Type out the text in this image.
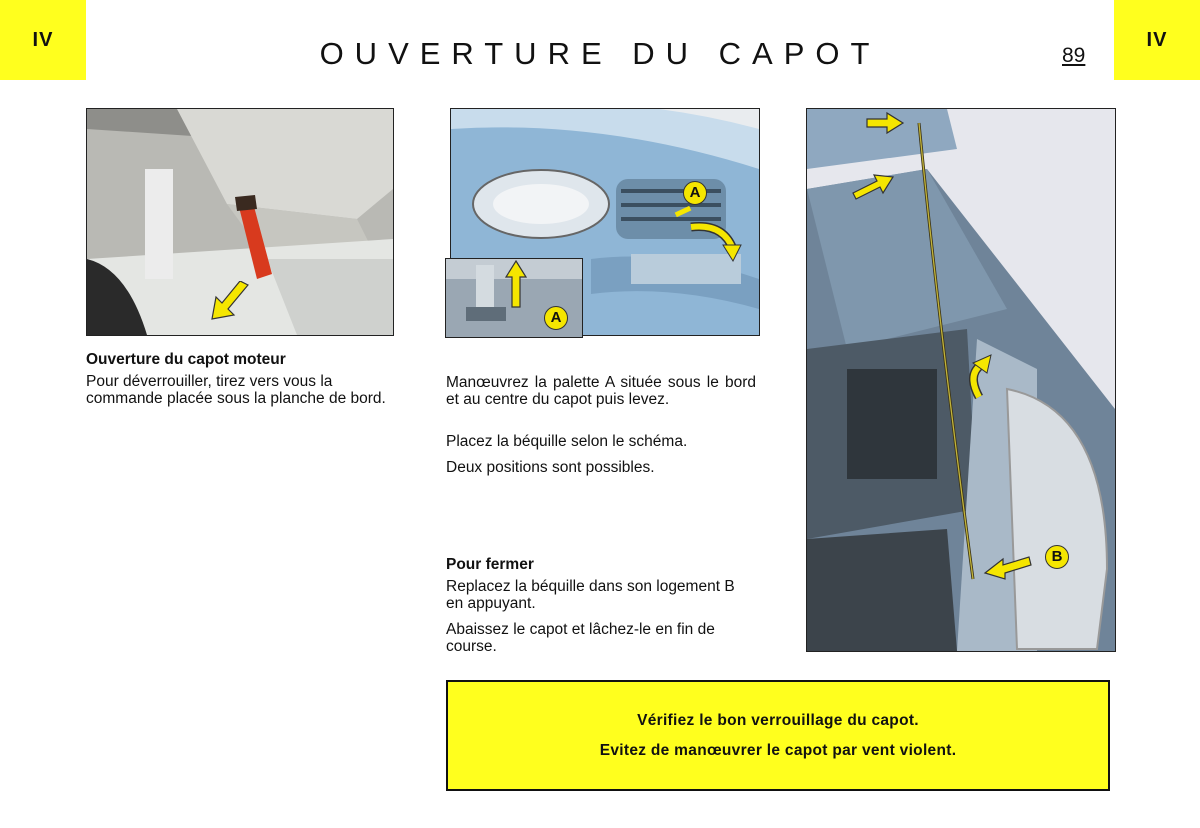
IV	OUVERTURE DU CAPOT	89
IV
A
A
B
Ouverture du capot moteur

Pour déverrouiller, tirez vers vous la commande placée sous la planche de bord.

Manœuvrez la palette A située sous le bord et au centre du capot puis levez.

Placez la béquille selon le schéma.

Deux positions sont possibles.

Pour fermer

Replacez la béquille dans son logement B en appuyant.

Abaissez le capot et lâchez-le en fin de course.

Vérifiez le bon verrouillage du capot.
Evitez de manœuvrer le capot par vent violent.
